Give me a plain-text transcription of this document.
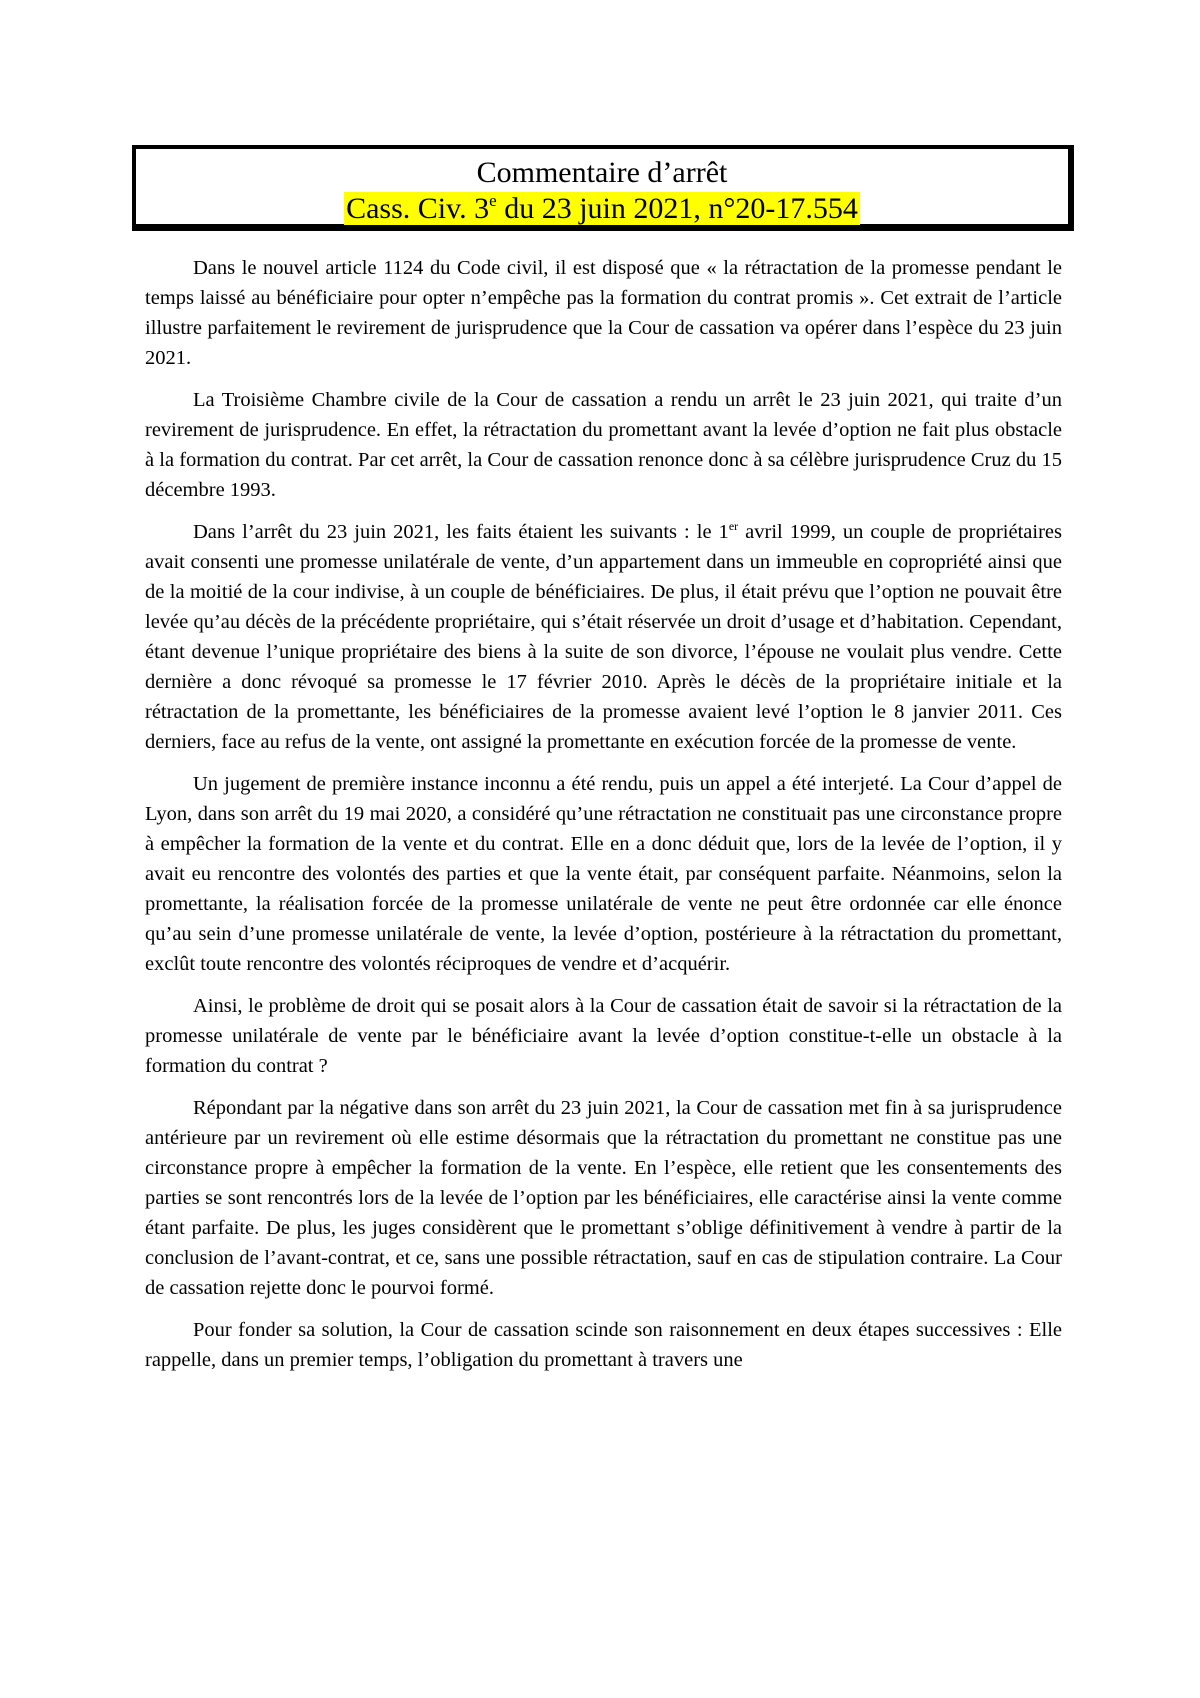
Commentaire d’arrêt
Cass. Civ. 3e du 23 juin 2021, n°20-17.554

Dans le nouvel article 1124 du Code civil, il est disposé que « la rétractation de la promesse pendant le temps laissé au bénéficiaire pour opter n’empêche pas la formation du contrat promis ». Cet extrait de l’article illustre parfaitement le revirement de jurisprudence que la Cour de cassation va opérer dans l’espèce du 23 juin 2021.

La Troisième Chambre civile de la Cour de cassation a rendu un arrêt le 23 juin 2021, qui traite d’un revirement de jurisprudence. En effet, la rétractation du promettant avant la levée d’option ne fait plus obstacle à la formation du contrat. Par cet arrêt, la Cour de cassation renonce donc à sa célèbre jurisprudence Cruz du 15 décembre 1993.

Dans l’arrêt du 23 juin 2021, les faits étaient les suivants : le 1er avril 1999, un couple de propriétaires avait consenti une promesse unilatérale de vente, d’un appartement dans un immeuble en copropriété ainsi que de la moitié de la cour indivise, à un couple de bénéficiaires. De plus, il était prévu que l’option ne pouvait être levée qu’au décès de la précédente propriétaire, qui s’était réservée un droit d’usage et d’habitation. Cependant, étant devenue l’unique propriétaire des biens à la suite de son divorce, l’épouse ne voulait plus vendre. Cette dernière a donc révoqué sa promesse le 17 février 2010. Après le décès de la propriétaire initiale et la rétractation de la promettante, les bénéficiaires de la promesse avaient levé l’option le 8 janvier 2011. Ces derniers, face au refus de la vente, ont assigné la promettante en exécution forcée de la promesse de vente.

Un jugement de première instance inconnu a été rendu, puis un appel a été interjeté. La Cour d’appel de Lyon, dans son arrêt du 19 mai 2020, a considéré qu’une rétractation ne constituait pas une circonstance propre à empêcher la formation de la vente et du contrat. Elle en a donc déduit que, lors de la levée de l’option, il y avait eu rencontre des volontés des parties et que la vente était, par conséquent parfaite. Néanmoins, selon la promettante, la réalisation forcée de la promesse unilatérale de vente ne peut être ordonnée car elle énonce qu’au sein d’une promesse unilatérale de vente, la levée d’option, postérieure à la rétractation du promettant, exclût toute rencontre des volontés réciproques de vendre et d’acquérir.

Ainsi, le problème de droit qui se posait alors à la Cour de cassation était de savoir si la rétractation de la promesse unilatérale de vente par le bénéficiaire avant la levée d’option constitue-t-elle un obstacle à la formation du contrat ?

Répondant par la négative dans son arrêt du 23 juin 2021, la Cour de cassation met fin à sa jurisprudence antérieure par un revirement où elle estime désormais que la rétractation du promettant ne constitue pas une circonstance propre à empêcher la formation de la vente. En l’espèce, elle retient que les consentements des parties se sont rencontrés lors de la levée de l’option par les bénéficiaires, elle caractérise ainsi la vente comme étant parfaite. De plus, les juges considèrent que le promettant s’oblige définitivement à vendre à partir de la conclusion de l’avant-contrat, et ce, sans une possible rétractation, sauf en cas de stipulation contraire. La Cour de cassation rejette donc le pourvoi formé.

Pour fonder sa solution, la Cour de cassation scinde son raisonnement en deux étapes successives : Elle rappelle, dans un premier temps, l’obligation du promettant à travers une
